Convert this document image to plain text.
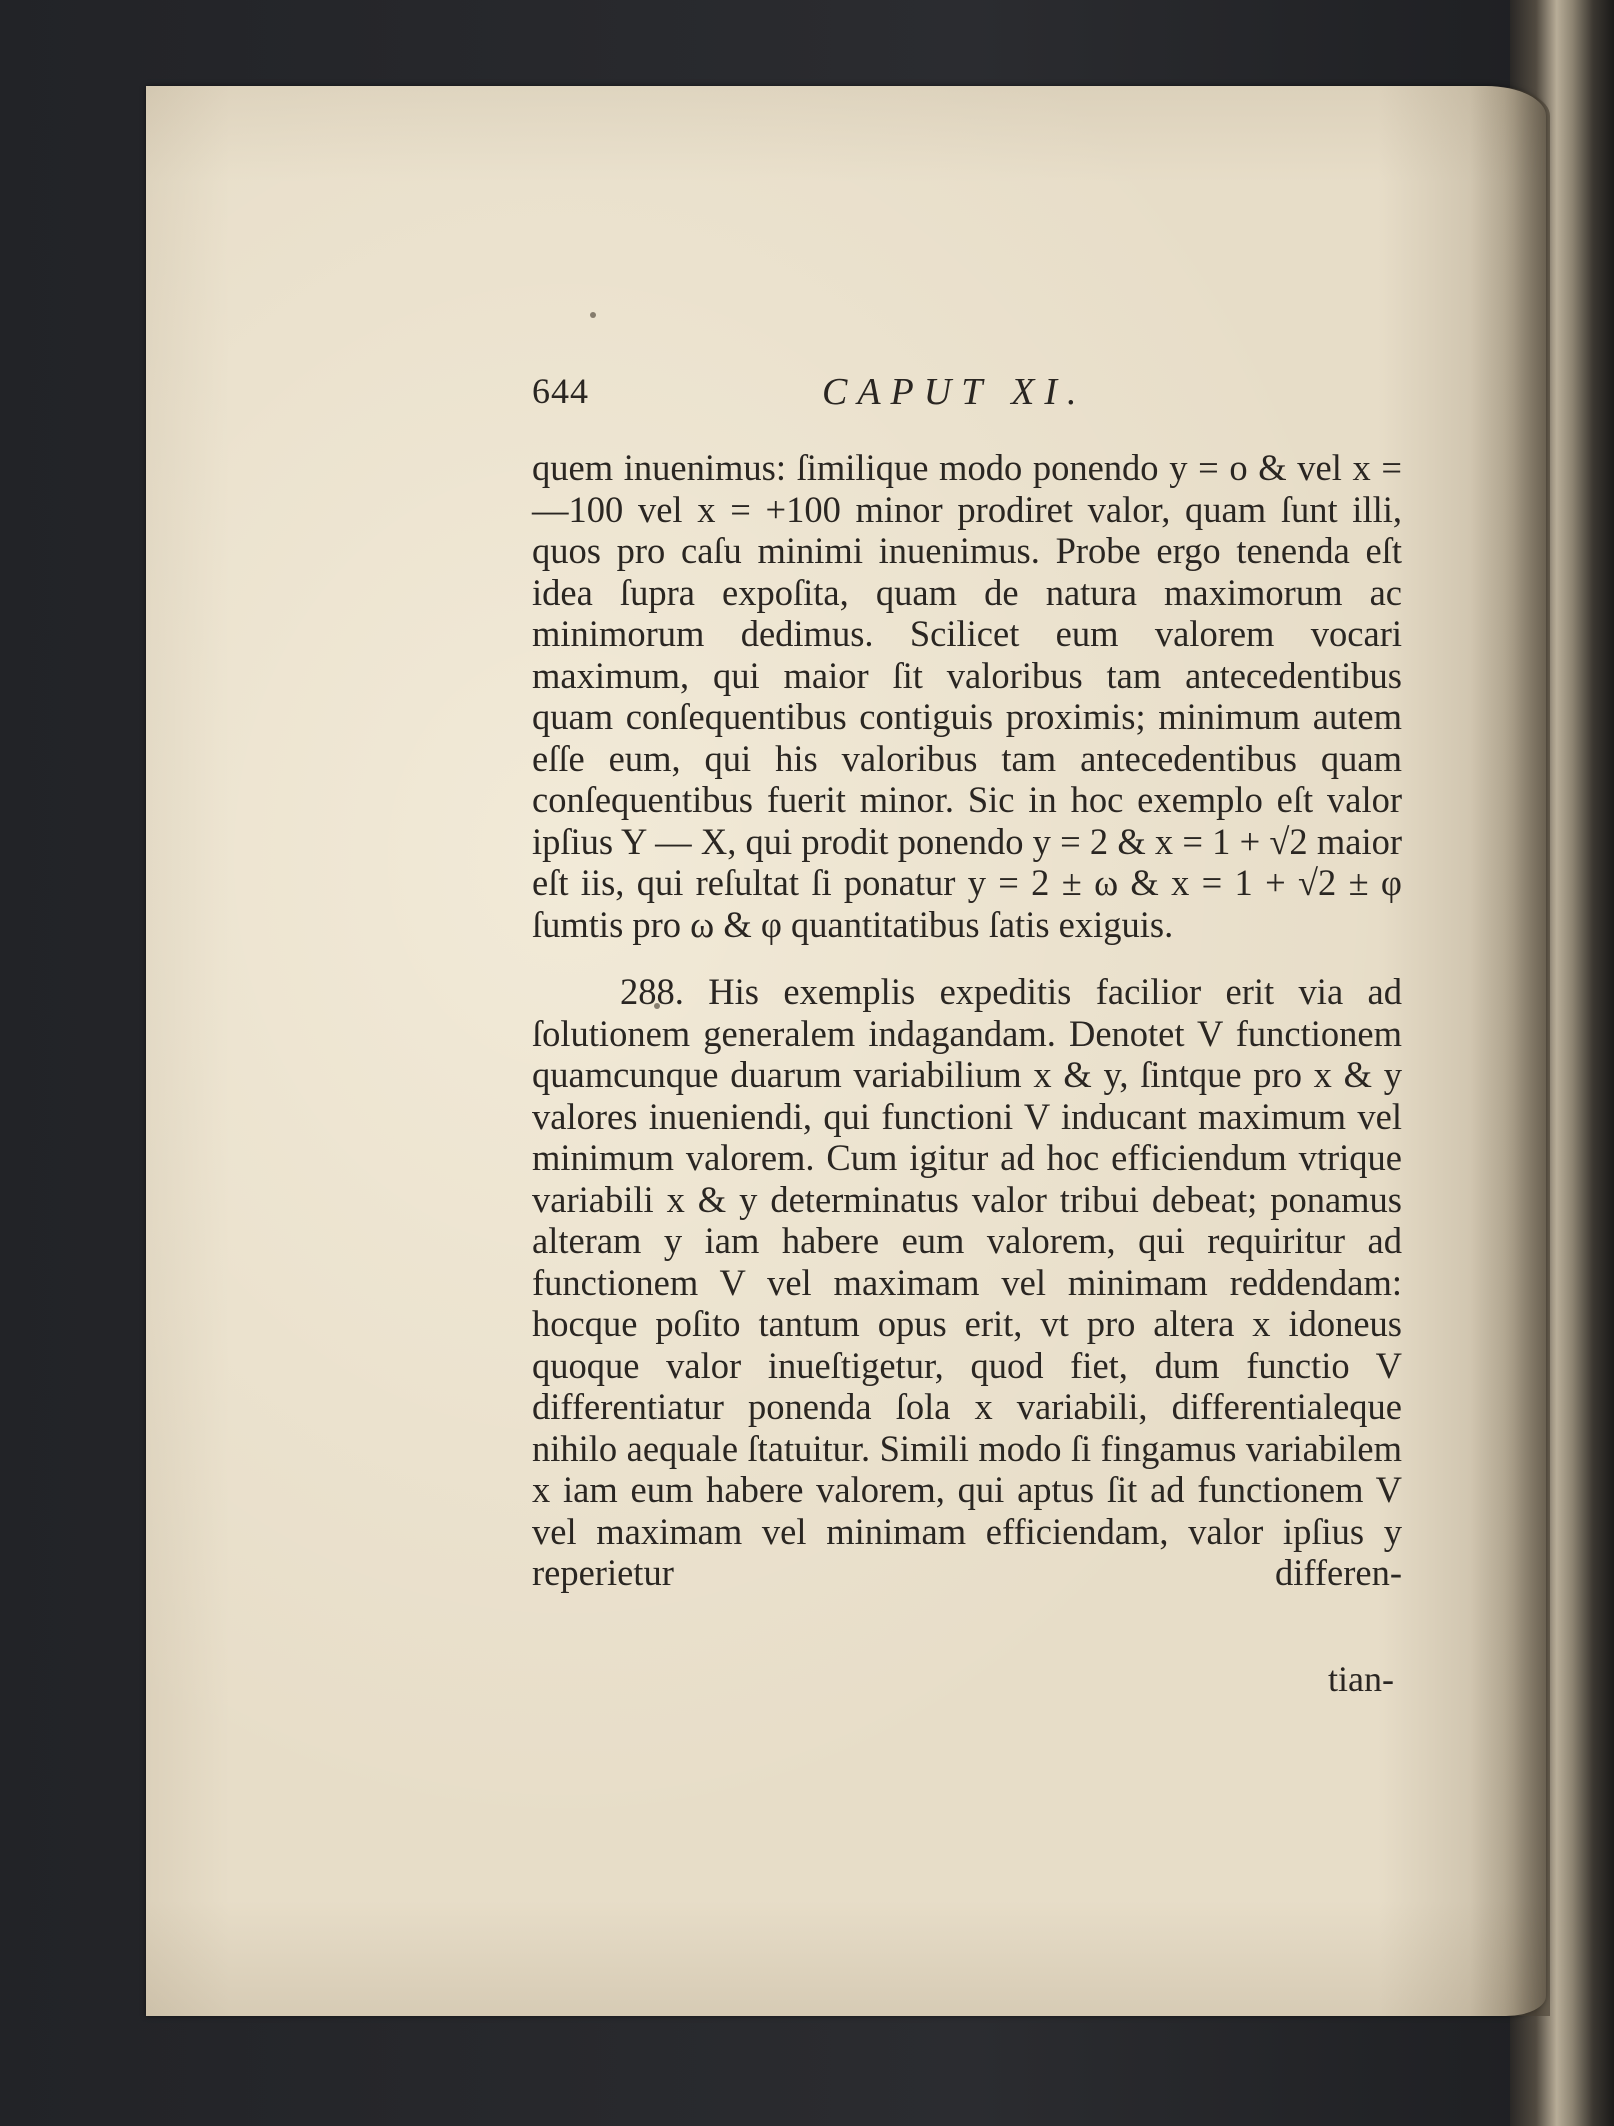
644	CAPUT XI.

quem inuenimus: ſimilique modo ponendo y = o & vel x = —100 vel x = +100 minor prodiret valor, quam ſunt illi, quos pro caſu minimi inuenimus. Probe ergo tenenda eſt idea ſupra expoſita, quam de natura maximorum ac minimorum dedimus. Scilicet eum valorem vocari maximum, qui maior ſit valoribus tam antecedentibus quam conſequentibus contiguis proximis; minimum autem eſſe eum, qui his valoribus tam antecedentibus quam conſequentibus fuerit minor. Sic in hoc exemplo eſt valor ipſius Y — X, qui prodit ponendo y = 2 & x = 1 + √2 maior eſt iis, qui reſultat ſi ponatur y = 2 ± ω & x = 1 + √2 ± φ ſumtis pro ω & φ quantitatibus ſatis exiguis.

288. His exemplis expeditis facilior erit via ad ſolutionem generalem indagandam. Denotet V functionem quamcunque duarum variabilium x & y, ſintque pro x & y valores inueniendi, qui functioni V inducant maximum vel minimum valorem. Cum igitur ad hoc efficiendum vtrique variabili x & y determinatus valor tribui debeat; ponamus alteram y iam habere eum valorem, qui requiritur ad functionem V vel maximam vel minimam reddendam: hocque poſito tantum opus erit, vt pro altera x idoneus quoque valor inueſtigetur, quod fiet, dum functio V differentiatur ponenda ſola x variabili, differentialeque nihilo aequale ſtatuitur. Simili modo ſi fingamus variabilem x iam eum habere valorem, qui aptus ſit ad functionem V vel maximam vel minimam efficiendam, valor ipſius y reperietur differen-

tian-
